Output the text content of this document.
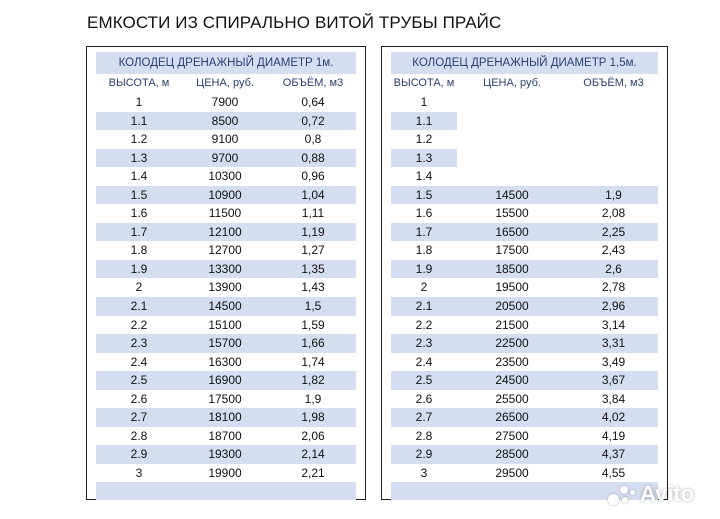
ЕМКОСТИ ИЗ СПИРАЛЬНО ВИТОЙ ТРУБЫ ПРАЙС
КОЛОДЕЦ ДРЕНАЖНЫЙ ДИАМЕТР 1м.
ВЫСОТА, м	ЦЕНА, руб.	ОБЪЁМ, м3
1	7900	0,64
1.1	8500	0,72
1.2	9100	0,8
1.3	9700	0,88
1.4	10300	0,96
1.5	10900	1,04
1.6	11500	1,11
1.7	12100	1,19
1.8	12700	1,27
1.9	13300	1,35
2	13900	1,43
2.1	14500	1,5
2.2	15100	1,59
2.3	15700	1,66
2.4	16300	1,74
2.5	16900	1,82
2.6	17500	1,9
2.7	18100	1,98
2.8	18700	2,06
2.9	19300	2,14
3	19900	2,21
КОЛОДЕЦ ДРЕНАЖНЫЙ ДИАМЕТР 1,5м.
ВЫСОТА, м	ЦЕНА, руб.	ОБЪЁМ, м3
1
1.1
1.2
1.3
1.4
1.5	14500	1,9
1.6	15500	2,08
1.7	16500	2,25
1.8	17500	2,43
1.9	18500	2,6
2	19500	2,78
2.1	20500	2,96
2.2	21500	3,14
2.3	22500	3,31
2.4	23500	3,49
2.5	24500	3,67
2.6	25500	3,84
2.7	26500	4,02
2.8	27500	4,19
2.9	28500	4,37
3	29500	4,55
Avito
